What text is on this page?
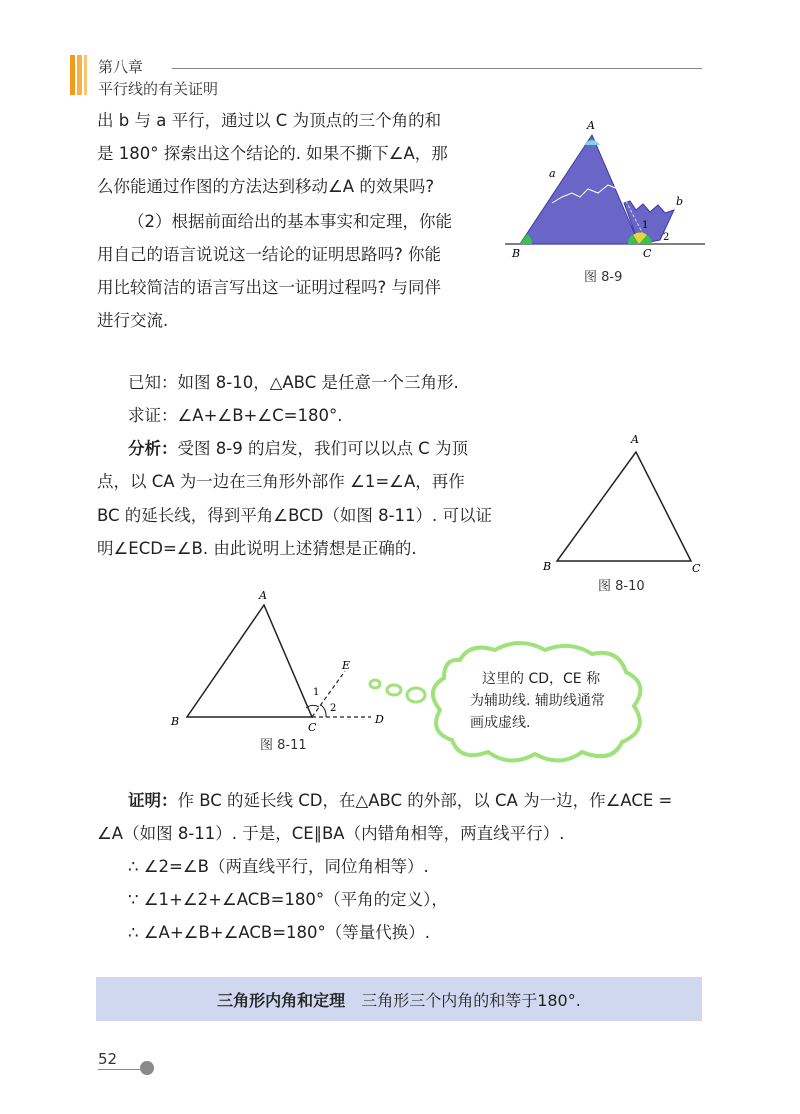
第八章
平行线的有关证明
出 b 与 a 平行，通过以 C 为顶点的三个角的和
是 180° 探索出这个结论的. 如果不撕下∠A，那
么你能通过作图的方法达到移动∠A 的效果吗?
（2）根据前面给出的基本事实和定理，你能
用自己的语言说说这一结论的证明思路吗? 你能
用比较简洁的语言写出这一证明过程吗? 与同伴
进行交流.
A
B	C
a
b
1
2
图 8-9
已知：如图 8-10，△ABC 是任意一个三角形.
求证：∠A+∠B+∠C=180°.
分析：受图 8-9 的启发，我们可以以点 C 为顶
点，以 CA 为一边在三角形外部作 ∠1=∠A，再作
BC 的延长线，得到平角∠BCD（如图 8-11）. 可以证
明∠ECD=∠B. 由此说明上述猜想是正确的.
A
B	C
图 8-10
A
B	C
D
E
1
2
图 8-11
这里的 CD，CE 称
为辅助线. 辅助线通常
画成虚线.
证明：作 BC 的延长线 CD，在△ABC 的外部，以 CA 为一边，作∠ACE =
∠A（如图 8-11）. 于是，CE∥BA（内错角相等，两直线平行）.
∴ ∠2=∠B（两直线平行，同位角相等）.
∵ ∠1+∠2+∠ACB=180°（平角的定义），
∴ ∠A+∠B+∠ACB=180°（等量代换）.
三角形内角和定理 三角形三个内角的和等于180°.
52
